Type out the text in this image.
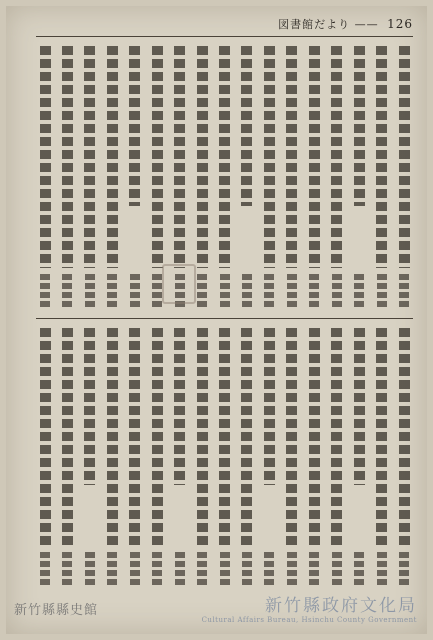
図書館だより —— 126
新竹縣縣史館	新竹縣政府文化局
Cultural Affairs Bureau, Hsinchu County Government
